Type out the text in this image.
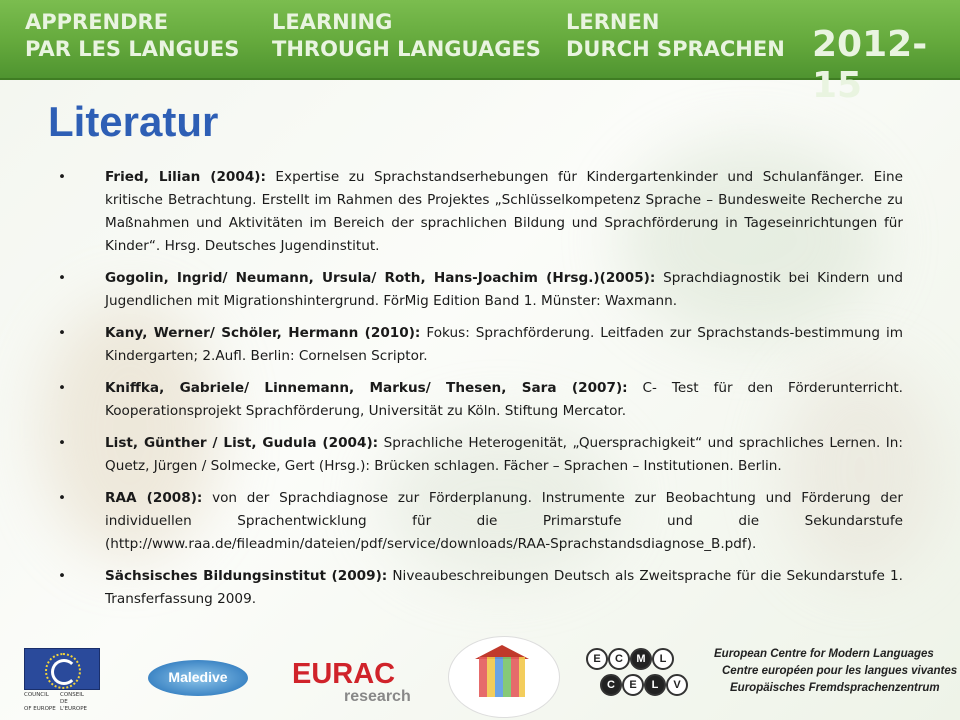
APPRENDRE
PAR LES LANGUES
LEARNING
THROUGH LANGUAGES
LERNEN
DURCH SPRACHEN 2012-15
Literatur
•	Fried, Lilian (2004): Expertise zu Sprachstandserhebungen für Kindergartenkinder und Schulanfänger. Eine kritische Betrachtung. Erstellt im Rahmen des Projektes „Schlüsselkompetenz Sprache – Bundesweite Recherche zu Maßnahmen und Aktivitäten im Bereich der sprachlichen Bildung und Sprachförderung in Tageseinrichtungen für Kinder“. Hrsg. Deutsches Jugendinstitut.
•	Gogolin, Ingrid/ Neumann, Ursula/ Roth, Hans-Joachim (Hrsg.)(2005): Sprachdiagnostik bei Kindern und Jugendlichen mit Migrationshintergrund. FörMig Edition Band 1. Münster: Waxmann.
•	Kany, Werner/ Schöler, Hermann (2010): Fokus: Sprachförderung. Leitfaden zur Sprachstands-bestimmung im Kindergarten; 2.Aufl. Berlin: Cornelsen Scriptor.
•	Kniffka, Gabriele/ Linnemann, Markus/ Thesen, Sara (2007): C- Test für den Förderunterricht. Kooperationsprojekt Sprachförderung, Universität zu Köln. Stiftung Mercator.
•	List, Günther / List, Gudula (2004): Sprachliche Heterogenität, „Quersprachigkeit“ und sprachliches Lernen. In: Quetz, Jürgen / Solmecke, Gert (Hrsg.): Brücken schlagen. Fächer – Sprachen – Institutionen. Berlin.
•	RAA (2008): von der Sprachdiagnose zur Förderplanung. Instrumente zur Beobachtung und Förderung der individuellen Sprachentwicklung für die Primarstufe und die Sekundarstufe (http://www.raa.de/fileadmin/dateien/pdf/service/downloads/RAA-Sprachstandsdiagnose_B.pdf).
•	Sächsisches Bildungsinstitut (2009): Niveaubeschreibungen Deutsch als Zweitsprache für die Sekundarstufe 1. Transferfassung 2009.
COUNCIL CONSEIL
OF EUROPEDE L'EUROPE
Maledive	EURAC
research
E	C	M	L
C	E	L	V
European Centre for Modern Languages
Centre européen pour les langues vivantes
Europäisches Fremdsprachenzentrum
